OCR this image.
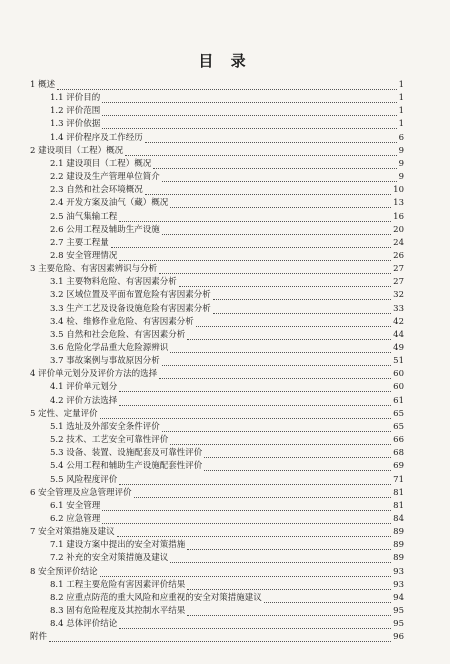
目 录
1 概述	1
1.1 评价目的	1
1.2 评价范围	1
1.3 评价依据	1
1.4 评价程序及工作经历	6
2 建设项目（工程）概况	9
2.1 建设项目（工程）概况	9
2.2 建设及生产管理单位简介	9
2.3 自然和社会环境概况	10
2.4 开发方案及油气（藏）概况	13
2.5 油气集输工程	16
2.6 公用工程及辅助生产设施	20
2.7 主要工程量	24
2.8 安全管理情况	26
3 主要危险、有害因素辨识与分析	27
3.1 主要物料危险、有害因素分析	27
3.2 区域位置及平面布置危险有害因素分析	32
3.3 生产工艺及设备设施危险有害因素分析	33
3.4 检、维修作业危险、有害因素分析	42
3.5 自然和社会危险、有害因素分析	44
3.6 危险化学品重大危险源辨识	49
3.7 事故案例与事故原因分析	51
4 评价单元划分及评价方法的选择	60
4.1 评价单元划分	60
4.2 评价方法选择	61
5 定性、定量评价	65
5.1 选址及外部安全条件评价	65
5.2 技术、工艺安全可靠性评价	66
5.3 设备、装置、设施配套及可靠性评价	68
5.4 公用工程和辅助生产设施配套性评价	69
5.5 风险程度评价	71
6 安全管理及应急管理评价	81
6.1 安全管理	81
6.2 应急管理	84
7 安全对策措施及建议	89
7.1 建设方案中提出的安全对策措施	89
7.2 补充的安全对策措施及建议	89
8 安全预评价结论	93
8.1 工程主要危险有害因素评价结果	93
8.2 应重点防范的重大风险和应重视的安全对策措施建议	94
8.3 固有危险程度及其控制水平结果	95
8.4 总体评价结论	95
附件	96
